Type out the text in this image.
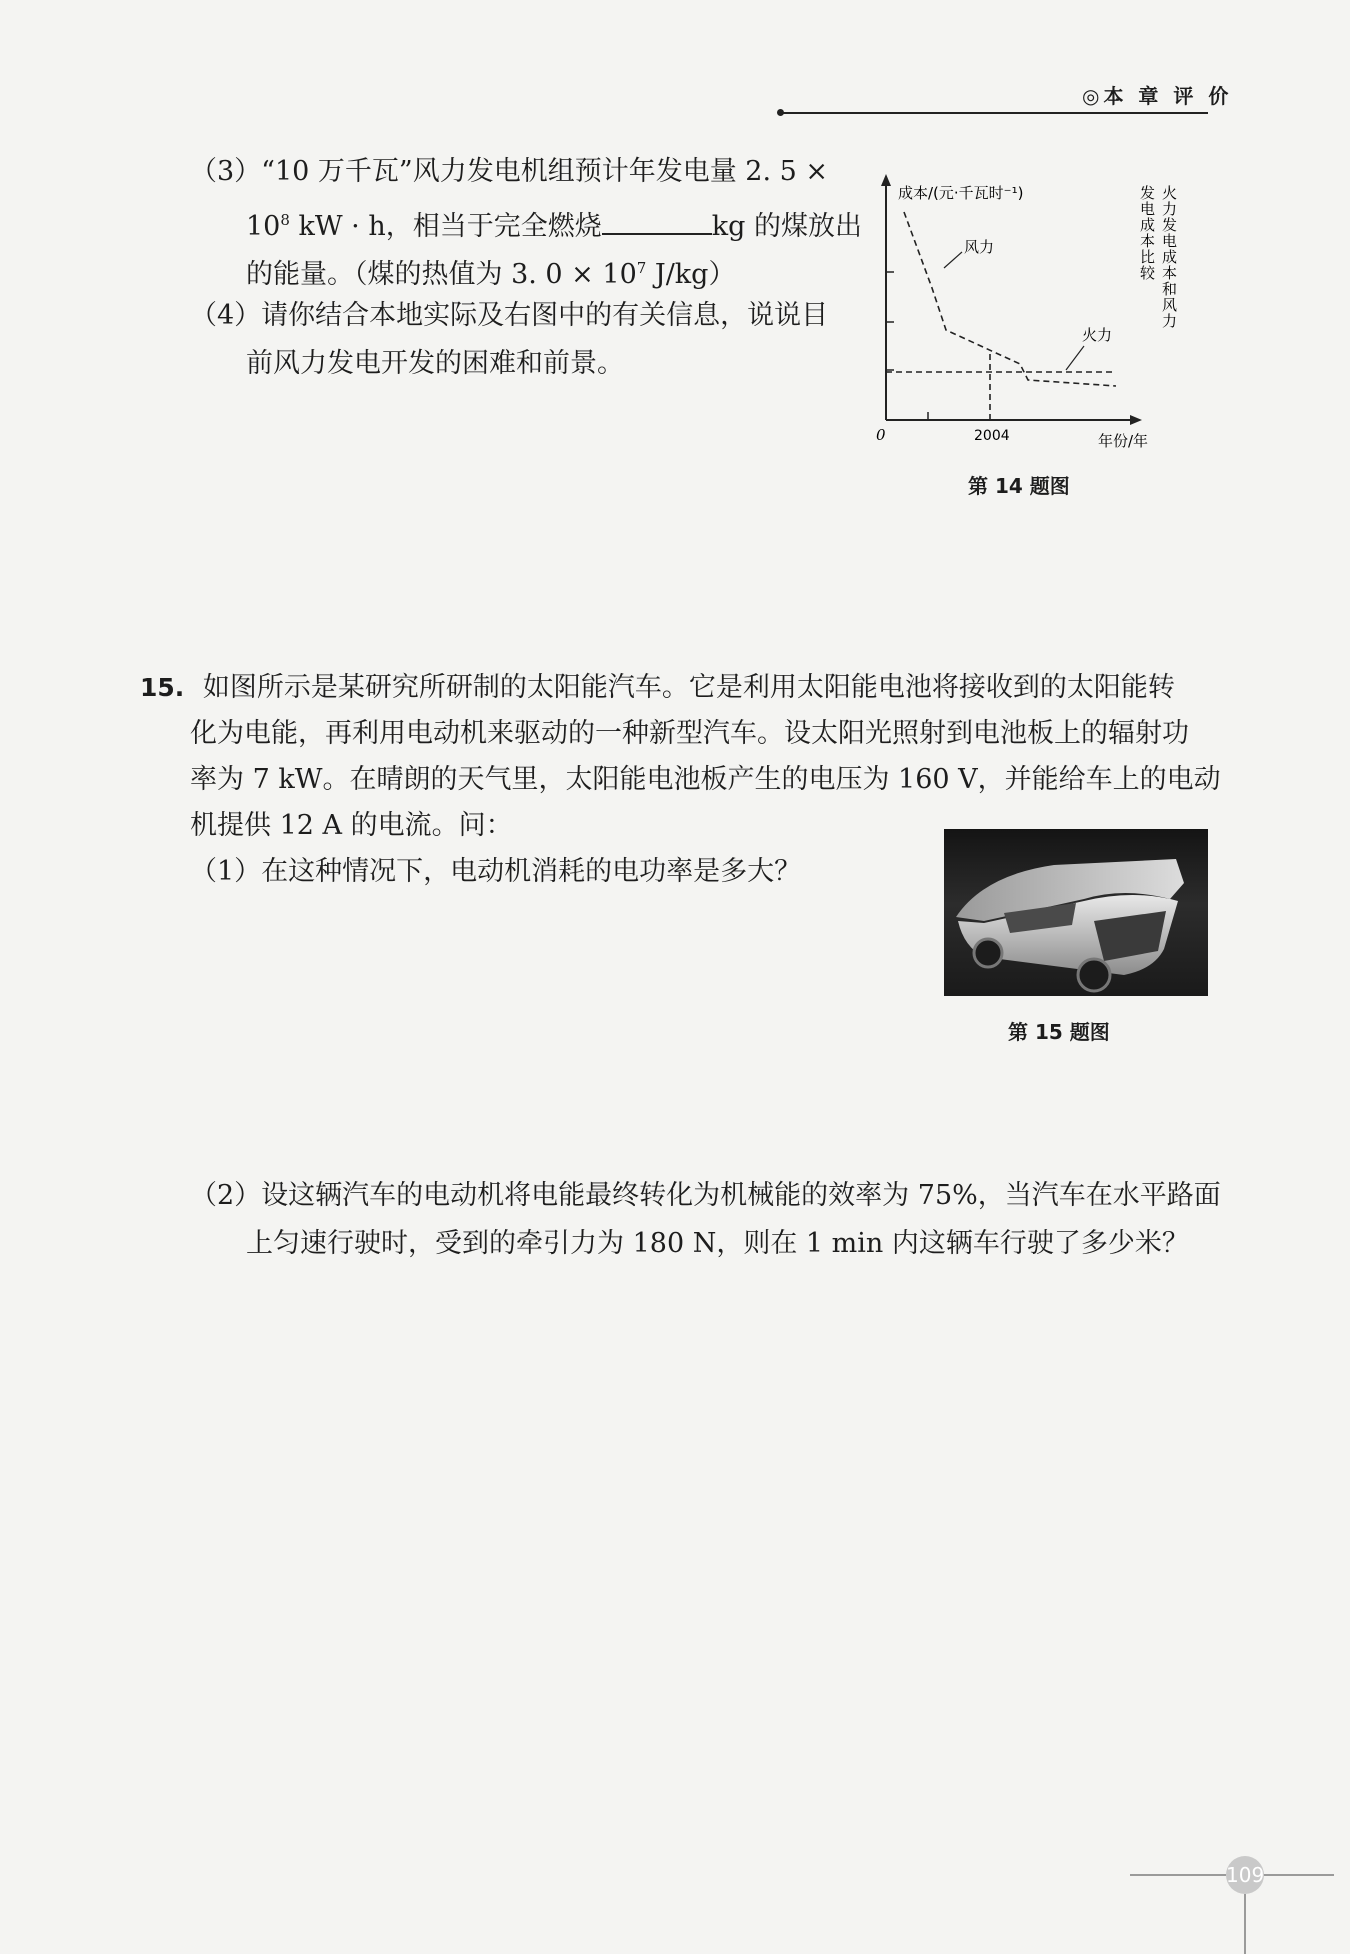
◎本 章 评 价
（3）“10 万千瓦”风力发电机组预计年发电量 2. 5 ×
$10^8$ kW · h，相当于完全燃烧	kg 的煤放出
的能量。（煤的热值为 3. $0 \times 10^7$ J/kg）
（4）请你结合本地实际及右图中的有关信息，说说目
前风力发电开发的困难和前景。
成本/(元·千瓦时⁻¹)
风力
火力
0	2004	年份/年
火力发电成本和风力
发电成本比较
第 14 题图
15. 如图所示是某研究所研制的太阳能汽车。它是利用太阳能电池将接收到的太阳能转
化为电能，再利用电动机来驱动的一种新型汽车。设太阳光照射到电池板上的辐射功
率为 7 kW。在晴朗的天气里，太阳能电池板产生的电压为 160 V，并能给车上的电动
机提供 12 A 的电流。问：
（1）在这种情况下，电动机消耗的电功率是多大？
第 15 题图
（2）设这辆汽车的电动机将电能最终转化为机械能的效率为 75%，当汽车在水平路面
上匀速行驶时，受到的牵引力为 180 N，则在 1 min 内这辆车行驶了多少米？
109
